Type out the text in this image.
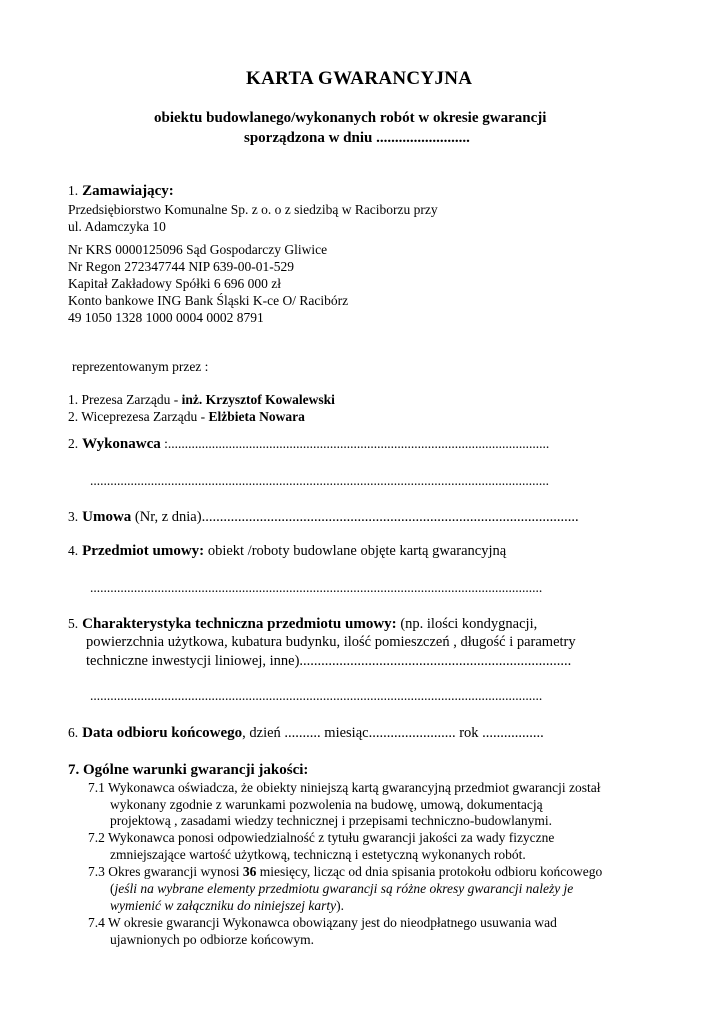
KARTA GWARANCYJNA
obiektu budowlanego/wykonanych robót w okresie gwarancji
sporządzona w dniu .........................
1. Zamawiający:
Przedsiębiorstwo Komunalne Sp. z o. o z siedzibą w Raciborzu przy
ul. Adamczyka 10
Nr KRS 0000125096 Sąd Gospodarczy Gliwice
Nr Regon 272347744 NIP 639-00-01-529
Kapitał Zakładowy Spółki 6 696 000 zł
Konto bankowe ING Bank Śląski K-ce O/ Racibórz
49 1050 1328 1000 0004 0002 8791
reprezentowanym przez :
1. Prezesa Zarządu - inż. Krzysztof Kowalewski
2. Wiceprezesa Zarządu - Elżbieta Nowara
2. Wykonawca :.................................................................................................................
........................................................................................................................................
3. Umowa (Nr, z dnia)........................................................................................................
4. Przedmiot umowy: obiekt /roboty budowlane objęte kartą gwarancyjną
......................................................................................................................................
5. Charakterystyka techniczna przedmiotu umowy: (np. ilości kondygnacji,
powierzchnia użytkowa, kubatura budynku, ilość pomieszczeń , długość i parametry
techniczne inwestycji liniowej, inne)...........................................................................
......................................................................................................................................
6. Data odbioru końcowego, dzień .......... miesiąc........................ rok .................
7. Ogólne warunki gwarancji jakości:
7.1 Wykonawca oświadcza, że obiekty niniejszą kartą gwarancyjną przedmiot gwarancji został
wykonany zgodnie z warunkami pozwolenia na budowę, umową, dokumentacją
projektową , zasadami wiedzy technicznej i przepisami techniczno-budowlanymi.
7.2 Wykonawca ponosi odpowiedzialność z tytułu gwarancji jakości za wady fizyczne
zmniejszające wartość użytkową, techniczną i estetyczną wykonanych robót.
7.3 Okres gwarancji wynosi 36 miesięcy, licząc od dnia spisania protokołu odbioru końcowego
(jeśli na wybrane elementy przedmiotu gwarancji są różne okresy gwarancji należy je
wymienić w załączniku do niniejszej karty).
7.4 W okresie gwarancji Wykonawca obowiązany jest do nieodpłatnego usuwania wad
ujawnionych po odbiorze końcowym.
